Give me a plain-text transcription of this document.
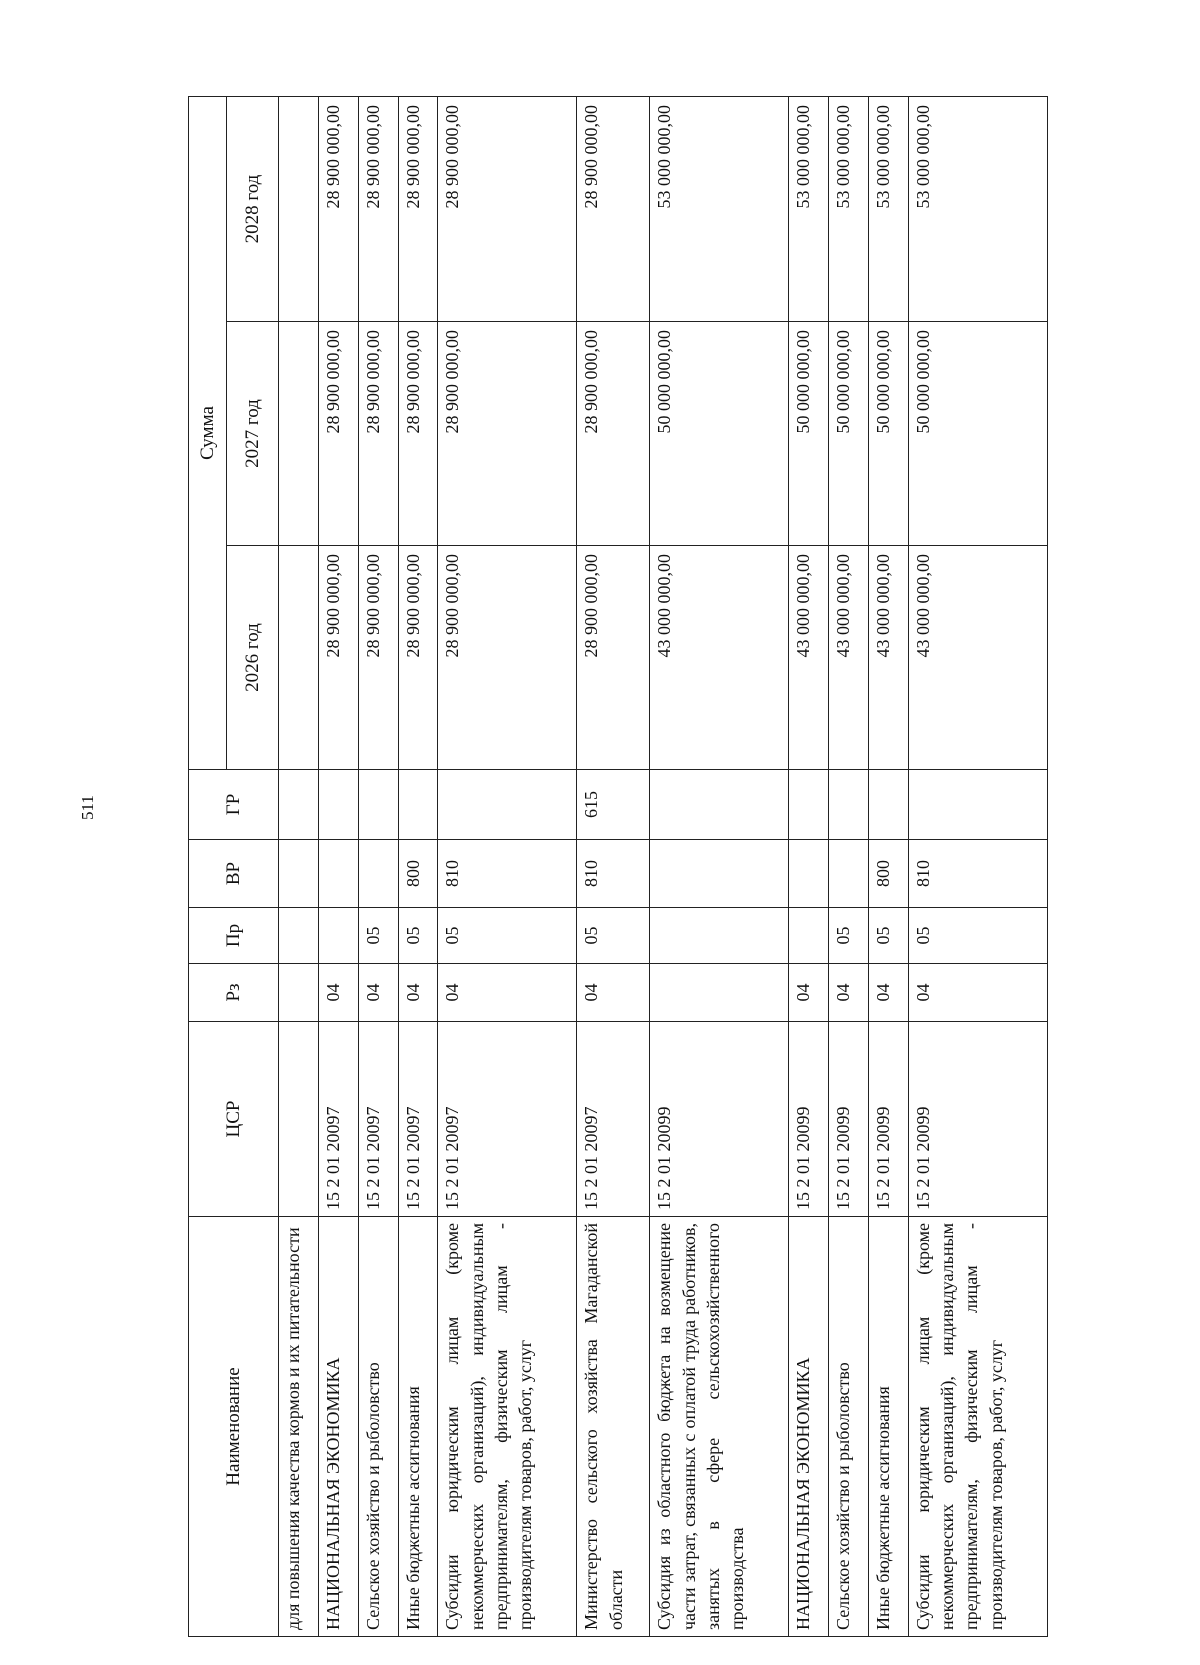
511
Наименование	ЦСР	Рз	Пр	ВР	ГР	Сумма		
						2026 год	2027 год	2028 год
для повышения качества кормов и их питательности								
НАЦИОНАЛЬНАЯ ЭКОНОМИКА	15 2 01 20097	04				28 900 000,00	28 900 000,00	28 900 000,00
Сельское хозяйство и рыболовство	15 2 01 20097	04	05			28 900 000,00	28 900 000,00	28 900 000,00
Иные бюджетные ассигнования	15 2 01 20097	04	05	800		28 900 000,00	28 900 000,00	28 900 000,00
Субсидии юридическим лицам (кроме некоммерческих организаций), индивидуальным предпринимателям, физическим лицам - производителям товаров, работ, услуг	15 2 01 20097	04	05	810		28 900 000,00	28 900 000,00	28 900 000,00
Министерство сельского хозяйства Магаданской области	15 2 01 20097	04	05	810	615	28 900 000,00	28 900 000,00	28 900 000,00
Субсидия из областного бюджета на возмещение части затрат, связанных с оплатой труда работников, занятых в сфере сельскохозяйственного производства	15 2 01 20099					43 000 000,00	50 000 000,00	53 000 000,00
НАЦИОНАЛЬНАЯ ЭКОНОМИКА	15 2 01 20099	04				43 000 000,00	50 000 000,00	53 000 000,00
Сельское хозяйство и рыболовство	15 2 01 20099	04	05			43 000 000,00	50 000 000,00	53 000 000,00
Иные бюджетные ассигнования	15 2 01 20099	04	05	800		43 000 000,00	50 000 000,00	53 000 000,00
Субсидии юридическим лицам (кроме некоммерческих организаций), индивидуальным предпринимателям, физическим лицам - производителям товаров, работ, услуг	15 2 01 20099	04	05	810		43 000 000,00	50 000 000,00	53 000 000,00
